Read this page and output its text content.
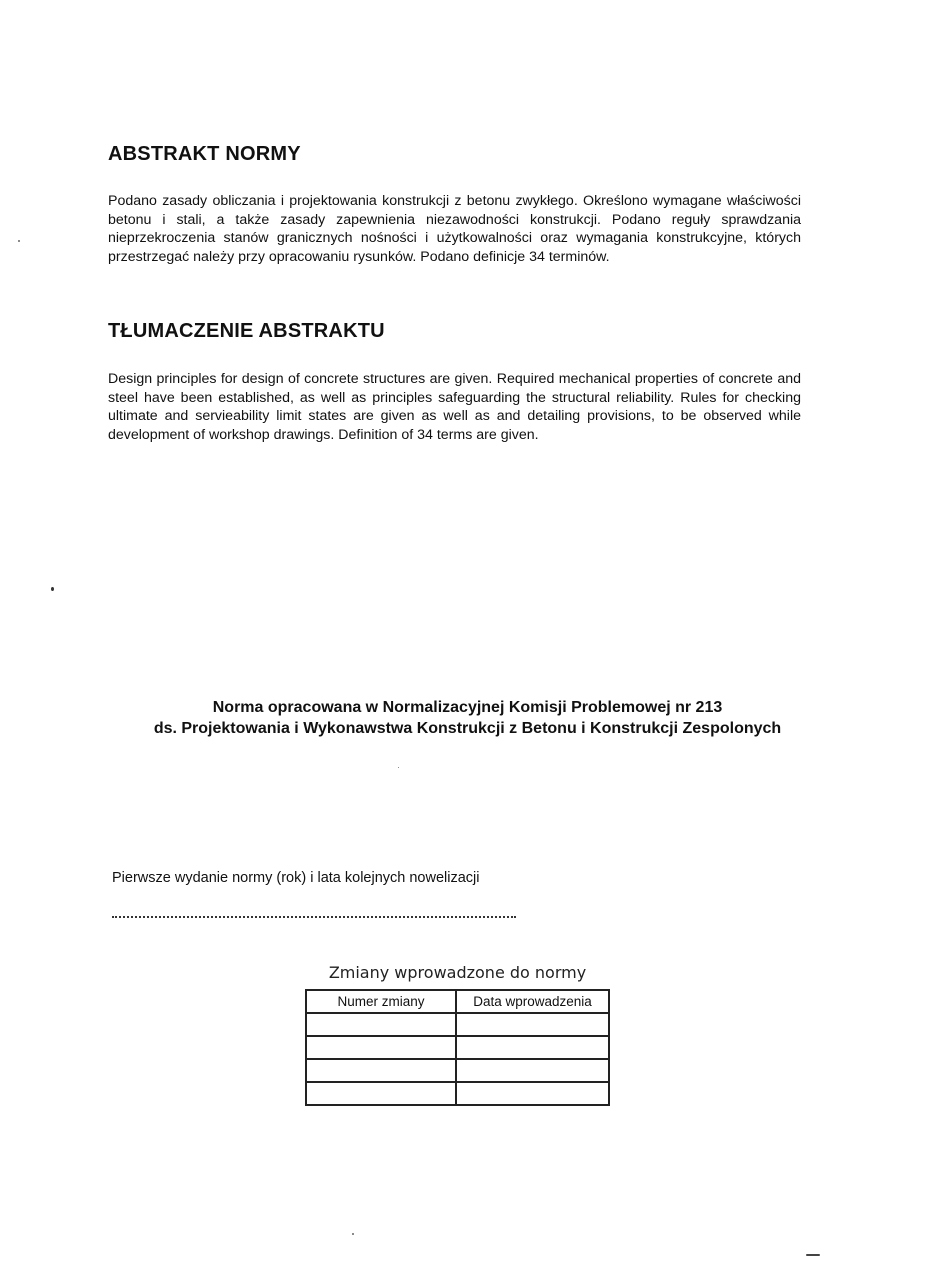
ABSTRAKT NORMY

Podano zasady obliczania i projektowania konstrukcji z betonu zwykłego. Określono wymagane właściwości betonu i stali, a także zasady zapewnienia niezawodności konstrukcji. Podano reguły sprawdzania nieprzekroczenia stanów granicznych nośności i użytkowalności oraz wymagania konstrukcyjne, których przestrzegać należy przy opracowaniu rysunków. Podano definicje 34 terminów.

TŁUMACZENIE ABSTRAKTU

Design principles for design of concrete structures are given. Required mechanical properties of concrete and steel have been established, as well as principles safeguarding the structural reliability. Rules for checking ultimate and servieability limit states are given as well as and detailing provisions, to be observed while development of workshop drawings. Definition of 34 terms are given.

Norma opracowana w Normalizacyjnej Komisji Problemowej nr 213
ds. Projektowania i Wykonawstwa Konstrukcji z Betonu i Konstrukcji Zespolonych
Pierwsze wydanie normy (rok) i lata kolejnych nowelizacji
Zmiany wprowadzone do normy
Numer zmiany	Data wprowadzenia
